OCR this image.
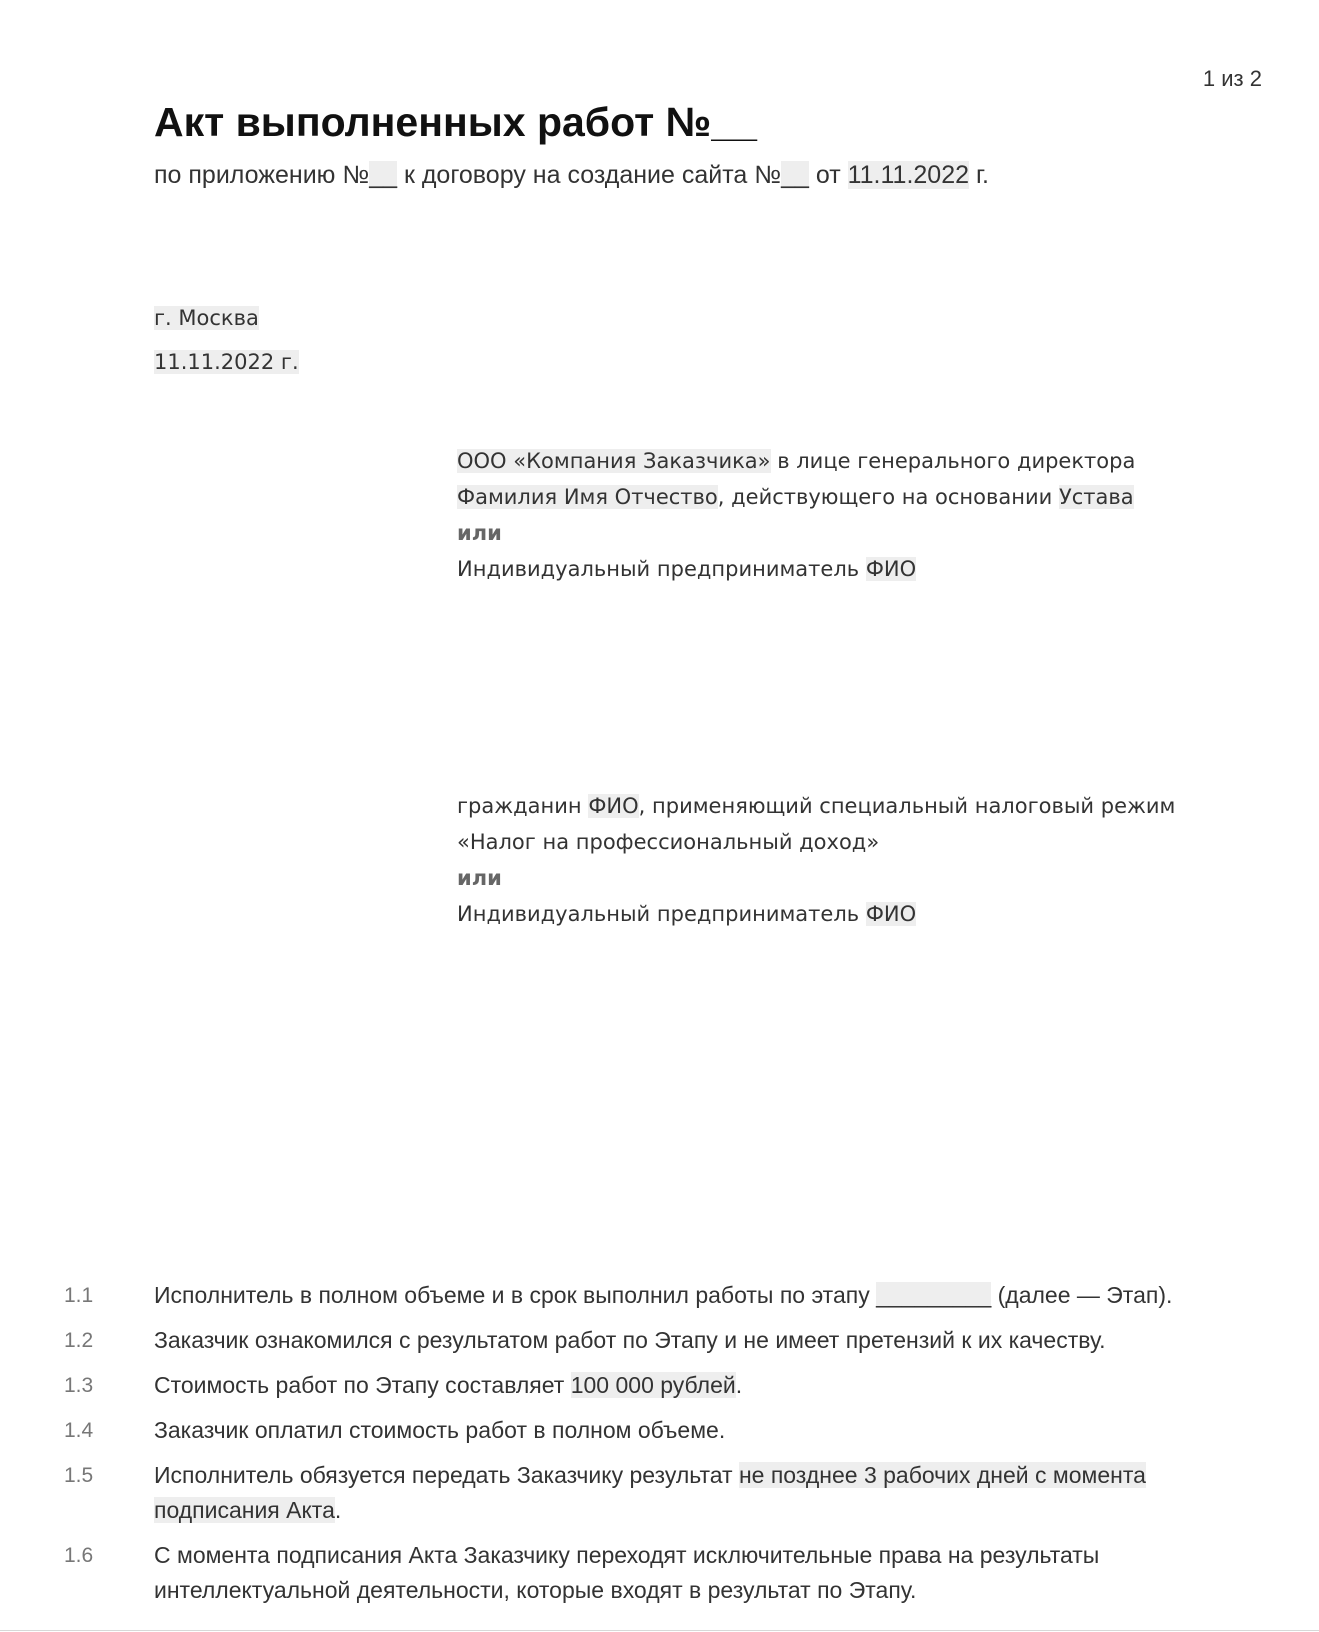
1 из 2
Акт выполненных работ №__
по приложению №__ к договору на создание сайта №__ от 11.11.2022 г.
г. Москва
11.11.2022 г.
ООО «Компания Заказчика» в лице генерального директора
Фамилия Имя Отчество, действующего на основании Устава
или
Индивидуальный предприниматель ФИО
гражданин ФИО, применяющий специальный налоговый режим
«Налог на профессиональный доход»
или
Индивидуальный предприниматель ФИО
1.1	Исполнитель в полном объеме и в срок выполнил работы по этапу _________ (далее — Этап).
1.2	Заказчик ознакомился с результатом работ по Этапу и не имеет претензий к их качеству.
1.3	Стоимость работ по Этапу составляет 100 000 рублей.
1.4	Заказчик оплатил стоимость работ в полном объеме.
1.5	Исполнитель обязуется передать Заказчику результат не позднее 3 рабочих дней с момента подписания Акта.
1.6	С момента подписания Акта Заказчику переходят исключительные права на результаты интеллектуальной деятельности, которые входят в результат по Этапу.
